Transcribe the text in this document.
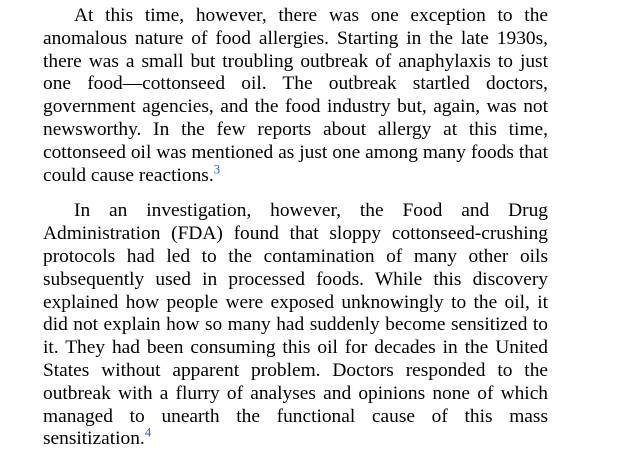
At this time, however, there was one exception to the anomalous nature of food allergies. Starting in the late 1930s, there was a small but troubling outbreak of anaphylaxis to just one food—cottonseed oil. The outbreak startled doctors, government agencies, and the food industry but, again, was not newsworthy. In the few reports about allergy at this time, cottonseed oil was mentioned as just one among many foods that could cause reactions.$^3$

In an investigation, however, the Food and Drug Administration (FDA) found that sloppy cottonseed-crushing protocols had led to the contamination of many other oils subsequently used in processed foods. While this discovery explained how people were exposed unknowingly to the oil, it did not explain how so many had suddenly become sensitized to it. They had been consuming this oil for decades in the United States without apparent problem. Doctors responded to the outbreak with a flurry of analyses and opinions none of which managed to unearth the functional cause of this mass sensitization.$^4$
